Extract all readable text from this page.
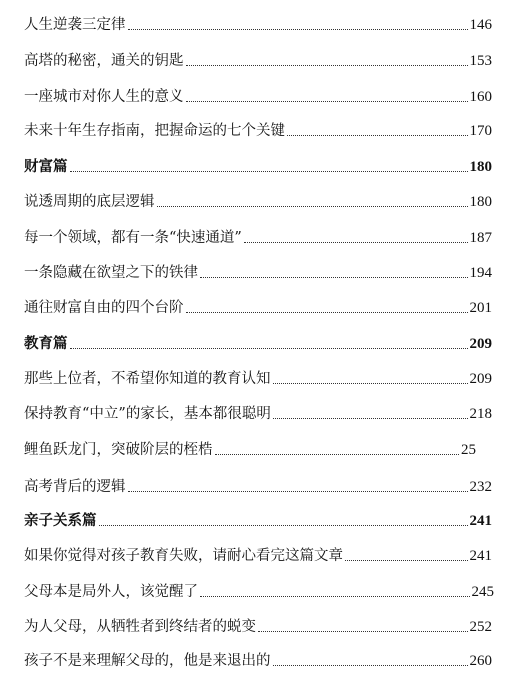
人生逆袭三定律	146
高塔的秘密，通关的钥匙	153
一座城市对你人生的意义	160
未来十年生存指南，把握命运的七个关键	170
财富篇	180
说透周期的底层逻辑	180
每一个领域，都有一条“快速通道”	187
一条隐藏在欲望之下的铁律	194
通往财富自由的四个台阶	201
教育篇	209
那些上位者，不希望你知道的教育认知	209
保持教育“中立”的家长，基本都很聪明	218
鲤鱼跃龙门，突破阶层的桎梏	25
高考背后的逻辑	232
亲子关系篇	241
如果你觉得对孩子教育失败，请耐心看完这篇文章	241
父母本是局外人，该觉醒了	245
为人父母，从牺牲者到终结者的蜕变	252
孩子不是来理解父母的，他是来退出的	260
